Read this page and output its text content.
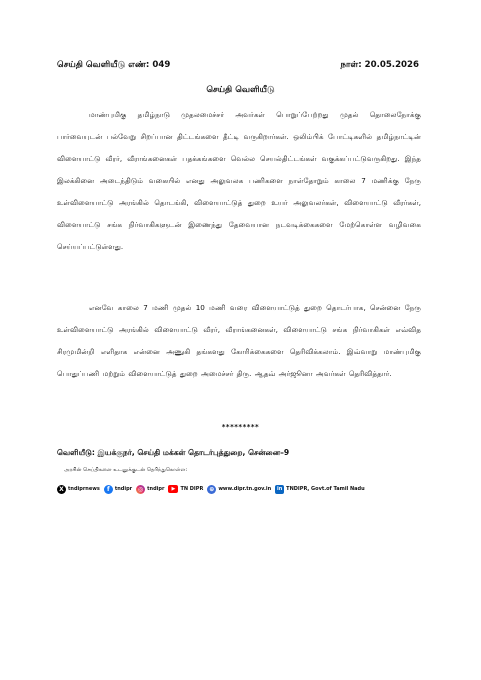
செய்தி வெளியீடு எண்: 049	நாள்: 20.05.2026
செய்தி வெளியீடு

மாண்புமிகு தமிழ்நாடு முதலமைச்சர் அவர்கள் பொறுப்பேற்றது முதல் தொலைநோக்கு பார்வையுடன் பல்வேறு சிறப்பான திட்டங்களை தீட்டி வருகிறார்கள். ஒலிம்பிக் போட்டிகளில் தமிழ்நாட்டின் விளையாட்டு வீரர், வீராங்கனைகள் பதக்கங்களை வெல்ல செயல்திட்டங்கள் வகுக்கப்பட்டுவருகிறது. இந்த இலக்கினை அடைந்திடும் வகையில் எனது அலுவலக பணிகளை நாள்தோறும் காலை 7 மணிக்கு நேரு உள்விளையாட்டு அரங்கில் தொடங்கி, விளையாட்டுத் துறை உயர் அலுவலர்கள், விளையாட்டு வீரர்கள், விளையாட்டு சங்க நிர்வாகிகளுடன் இணைந்து தேவையான நடவடிக்கைகளை மேற்கொள்ள வழிவகை செய்யப்பட்டுள்ளது.

எனவே காலை 7 மணி முதல் 10 மணி வரை விளையாட்டுத் துறை தொடர்பாக, சென்னை நேரு உள்விளையாட்டு அரங்கில் விளையாட்டு வீரர், வீராங்கனைகள், விளையாட்டு சங்க நிர்வாகிகள் எவ்வித சிரமுமின்றி எளிதாக என்னை அணுகி தங்களது கோரிக்கைகளை தெரிவிக்கலாம். இவ்வாறு மாண்புமிகு பொதுப்பணி மற்றும் விளையாட்டுத் துறை அமைச்சர் திரு. ஆதவ் அர்ஜூனா அவர்கள் தெரிவித்தார்.

*********
வெளியீடு: இயக்குநர், செய்தி மக்கள் தொடர்புத்துறை, சென்னை–9
அரசின் செய்திகளை உடனுக்குடன் தெரிந்துகொள்ள:
X tndiprnews	f	tndipr ◎ tndipr	▶	TN DIPR ⊕ www.dipr.tn.gov.in	in TNDIPR, Govt.of Tamil Nadu
